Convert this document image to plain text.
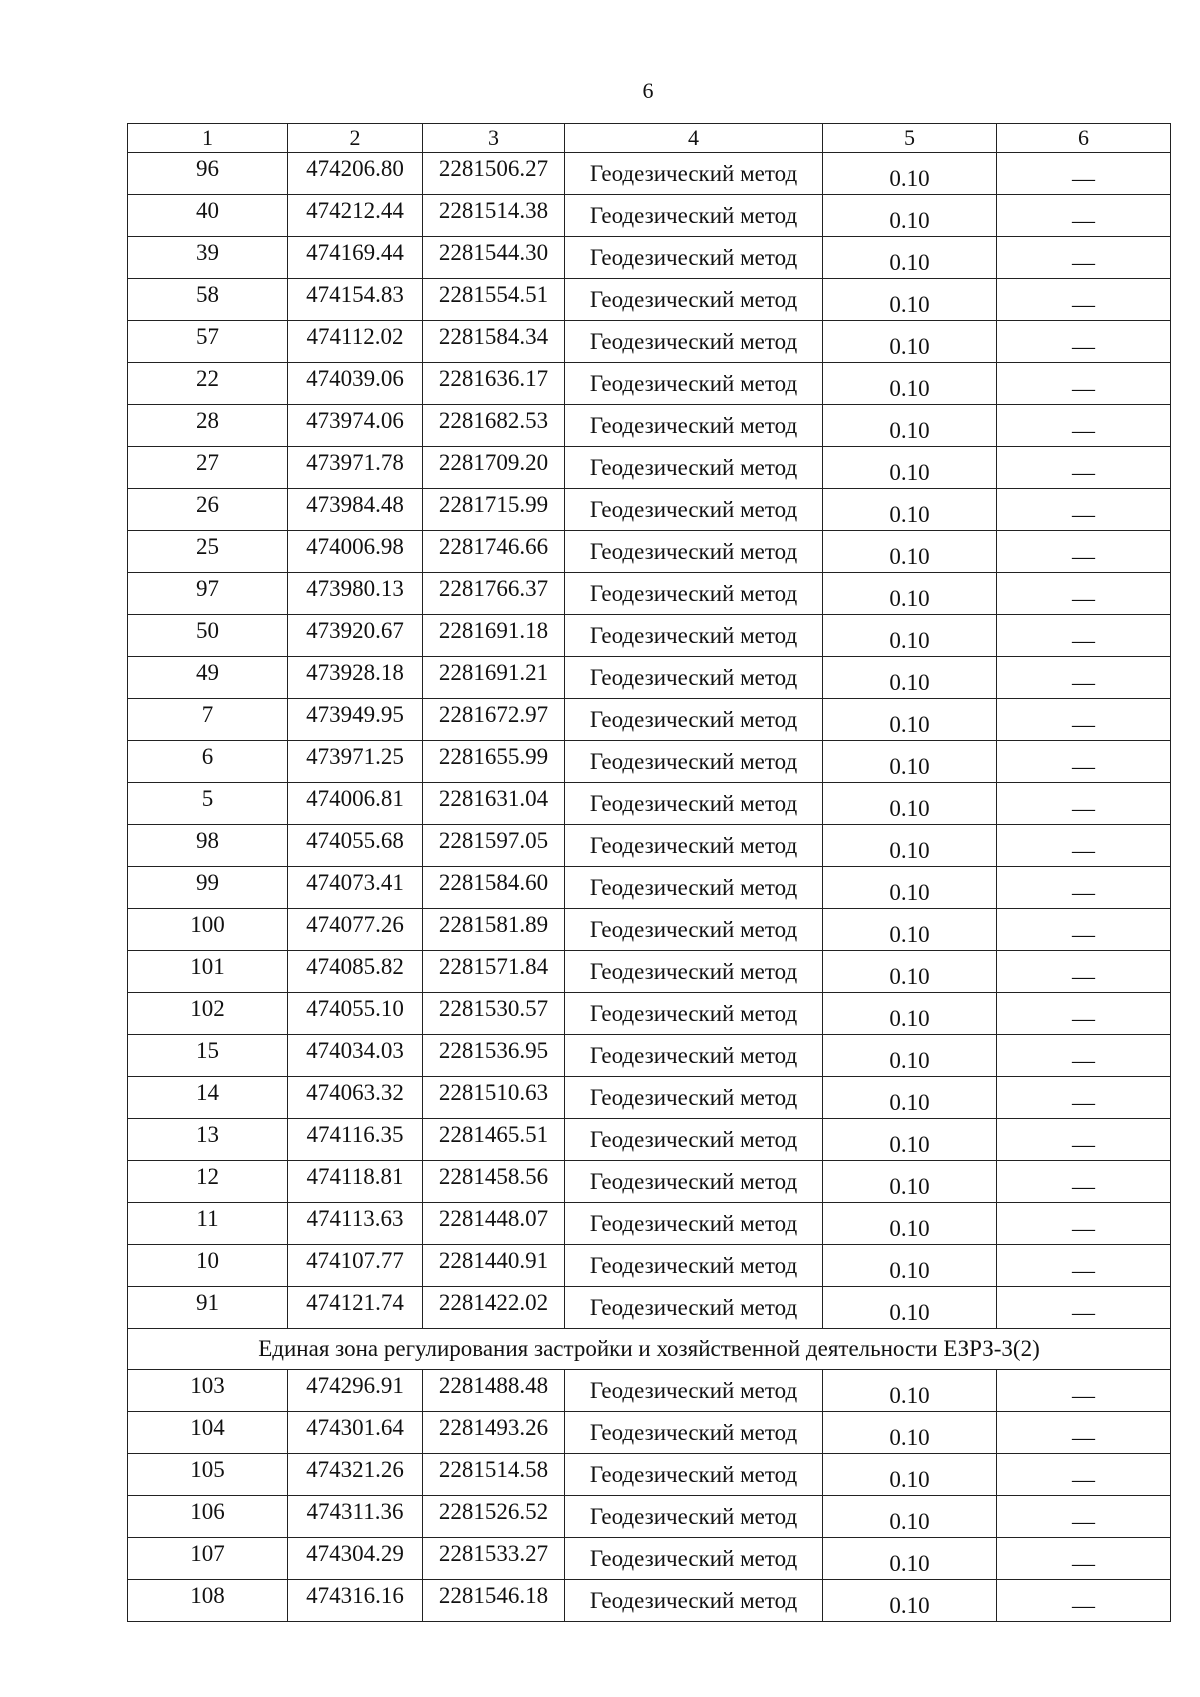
6
1	2	3	4	5	6
96	474206.80	2281506.27	Геодезический метод	0.10	—
40	474212.44	2281514.38	Геодезический метод	0.10	—
39	474169.44	2281544.30	Геодезический метод	0.10	—
58	474154.83	2281554.51	Геодезический метод	0.10	—
57	474112.02	2281584.34	Геодезический метод	0.10	—
22	474039.06	2281636.17	Геодезический метод	0.10	—
28	473974.06	2281682.53	Геодезический метод	0.10	—
27	473971.78	2281709.20	Геодезический метод	0.10	—
26	473984.48	2281715.99	Геодезический метод	0.10	—
25	474006.98	2281746.66	Геодезический метод	0.10	—
97	473980.13	2281766.37	Геодезический метод	0.10	—
50	473920.67	2281691.18	Геодезический метод	0.10	—
49	473928.18	2281691.21	Геодезический метод	0.10	—
7	473949.95	2281672.97	Геодезический метод	0.10	—
6	473971.25	2281655.99	Геодезический метод	0.10	—
5	474006.81	2281631.04	Геодезический метод	0.10	—
98	474055.68	2281597.05	Геодезический метод	0.10	—
99	474073.41	2281584.60	Геодезический метод	0.10	—
100	474077.26	2281581.89	Геодезический метод	0.10	—
101	474085.82	2281571.84	Геодезический метод	0.10	—
102	474055.10	2281530.57	Геодезический метод	0.10	—
15	474034.03	2281536.95	Геодезический метод	0.10	—
14	474063.32	2281510.63	Геодезический метод	0.10	—
13	474116.35	2281465.51	Геодезический метод	0.10	—
12	474118.81	2281458.56	Геодезический метод	0.10	—
11	474113.63	2281448.07	Геодезический метод	0.10	—
10	474107.77	2281440.91	Геодезический метод	0.10	—
91	474121.74	2281422.02	Геодезический метод	0.10	—
Единая зона регулирования застройки и хозяйственной деятельности ЕЗРЗ-3(2)					
103	474296.91	2281488.48	Геодезический метод	0.10	—
104	474301.64	2281493.26	Геодезический метод	0.10	—
105	474321.26	2281514.58	Геодезический метод	0.10	—
106	474311.36	2281526.52	Геодезический метод	0.10	—
107	474304.29	2281533.27	Геодезический метод	0.10	—
108	474316.16	2281546.18	Геодезический метод	0.10	—
